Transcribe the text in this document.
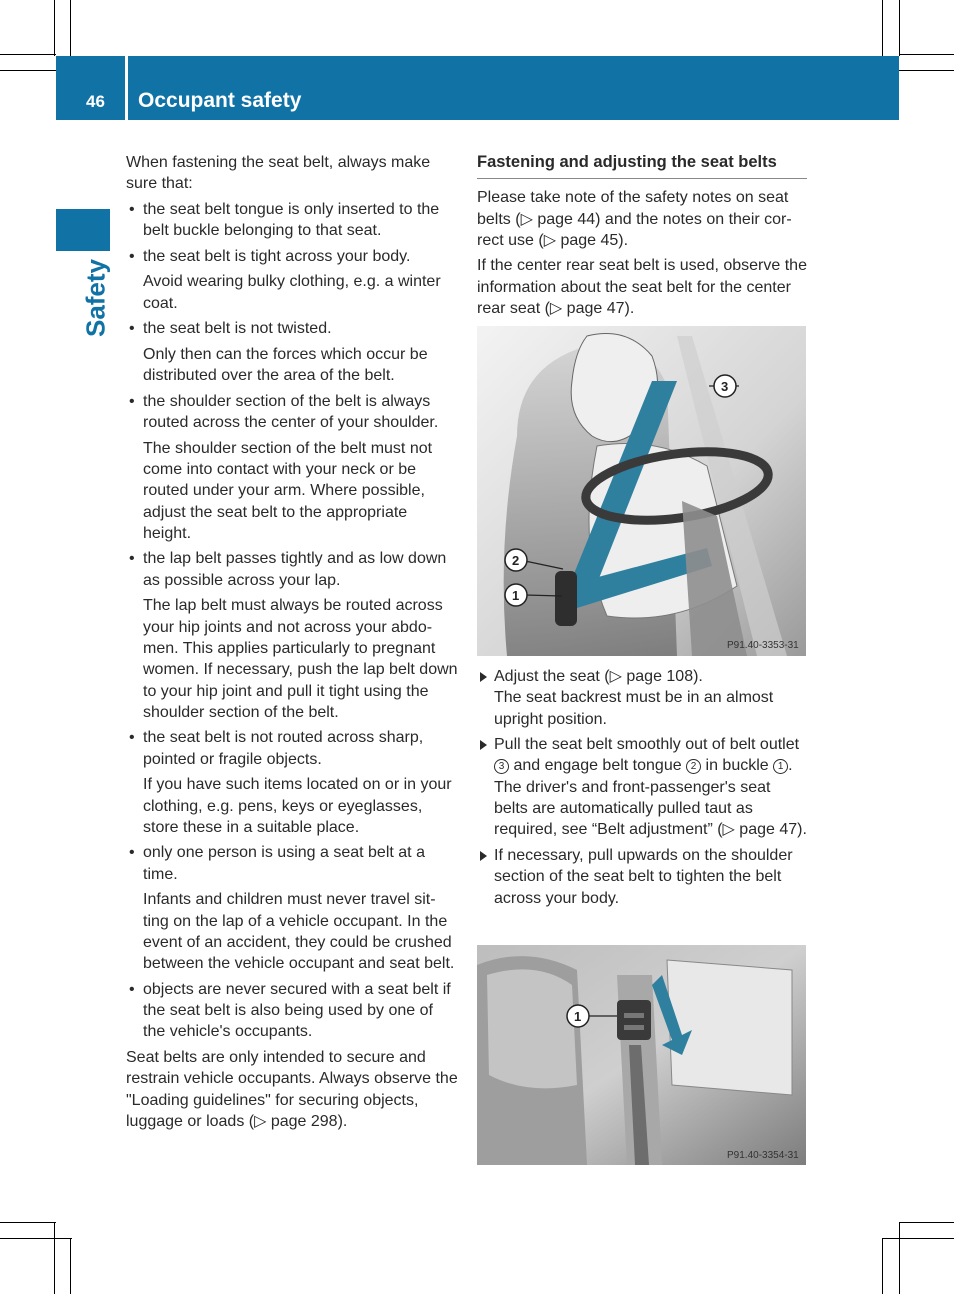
46 Occupant safety
Safety

When fastening the seat belt, always make sure that:

• the seat belt tongue is only inserted to the belt buckle belonging to that seat.

• the seat belt is tight across your body.

Avoid wearing bulky clothing, e.g. a winter coat.

• the seat belt is not twisted.

Only then can the forces which occur be distributed over the area of the belt.

• the shoulder section of the belt is always routed across the center of your shoulder.

The shoulder section of the belt must not come into contact with your neck or be routed under your arm. Where possible, adjust the seat belt to the appropriate height.

• the lap belt passes tightly and as low down as possible across your lap.

The lap belt must always be routed across your hip joints and not across your abdo-men. This applies particularly to pregnant women. If necessary, push the lap belt down to your hip joint and pull it tight using the shoulder section of the belt.

• the seat belt is not routed across sharp, pointed or fragile objects.

If you have such items located on or in your clothing, e.g. pens, keys or eyeglasses, store these in a suitable place.

• only one person is using a seat belt at a time.

Infants and children must never travel sit-ting on the lap of a vehicle occupant. In the event of an accident, they could be crushed between the vehicle occupant and seat belt.

• objects are never secured with a seat belt if the seat belt is also being used by one of the vehicle's occupants.

Seat belts are only intended to secure and restrain vehicle occupants. Always observe the "Loading guidelines" for securing objects, luggage or loads (▷ page 298).

Fastening and adjusting the seat belts

Please take note of the safety notes on seat belts (▷ page 44) and the notes on their cor-rect use (▷ page 45).

If the center rear seat belt is used, observe the information about the seat belt for the center rear seat (▷ page 47).

3
2
1
P91.40-3353-31

Adjust the seat (▷ page 108).

The seat backrest must be in an almost upright position.

Pull the seat belt smoothly out of belt outlet 3 and engage belt tongue 2 in buckle 1 . The driver's and front-passenger's seat belts are automatically pulled taut as required, see “Belt adjustment” (▷ page 47).

If necessary, pull upwards on the shoulder section of the seat belt to tighten the belt across your body.

1
P91.40-3354-31
